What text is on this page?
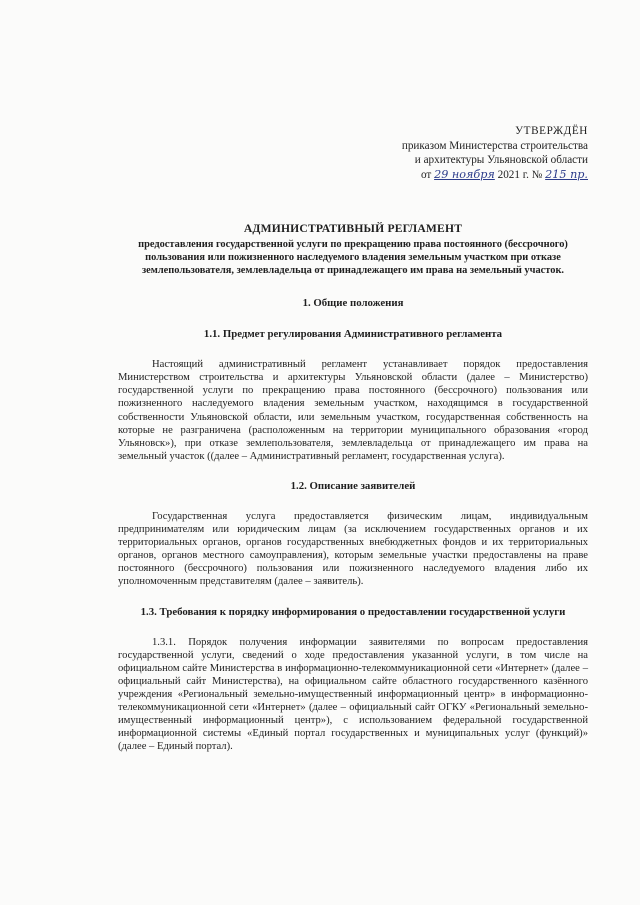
УТВЕРЖДЁН
приказом Министерства строительства
и архитектуры Ульяновской области
от 29 ноября 2021 г. № 215 пр.
АДМИНИСТРАТИВНЫЙ РЕГЛАМЕНТ
предоставления государственной услуги по прекращению права постоянного (бессрочного) пользования или пожизненного наследуемого владения земельным участком при отказе землепользователя, землевладельца от принадлежащего им права на земельный участок.
1. Общие положения
1.1. Предмет регулирования Административного регламента

Настоящий административный регламент устанавливает порядок предоставления Министерством строительства и архитектуры Ульяновской области (далее – Министерство) государственной услуги по прекращению права постоянного (бессрочного) пользования или пожизненного наследуемого владения земельным участком, находящимся в государственной собственности Ульяновской области, или земельным участком, государственная собственность на которые не разграничена (расположенным на территории муниципального образования «город Ульяновск»), при отказе землепользователя, землевладельца от принадлежащего им права на земельный участок ((далее – Административный регламент, государственная услуга).

1.2. Описание заявителей

Государственная услуга предоставляется физическим лицам, индивидуальным предпринимателям или юридическим лицам (за исключением государственных органов и их территориальных органов, органов государственных внебюджетных фондов и их территориальных органов, органов местного самоуправления), которым земельные участки предоставлены на праве постоянного (бессрочного) пользования или пожизненного наследуемого владения либо их уполномоченным представителям (далее – заявитель).

1.3. Требования к порядку информирования о предоставлении государственной услуги

1.3.1. Порядок получения информации заявителями по вопросам предоставления государственной услуги, сведений о ходе предоставления указанной услуги, в том числе на официальном сайте Министерства в информационно-телекоммуникационной сети «Интернет» (далее – официальный сайт Министерства), на официальном сайте областного государственного казённого учреждения «Региональный земельно-имущественный информационный центр» в информационно-телекоммуникационной сети «Интернет» (далее – официальный сайт ОГКУ «Региональный земельно-имущественный информационный центр»), с использованием федеральной государственной информационной системы «Единый портал государственных и муниципальных услуг (функций)» (далее – Единый портал).
